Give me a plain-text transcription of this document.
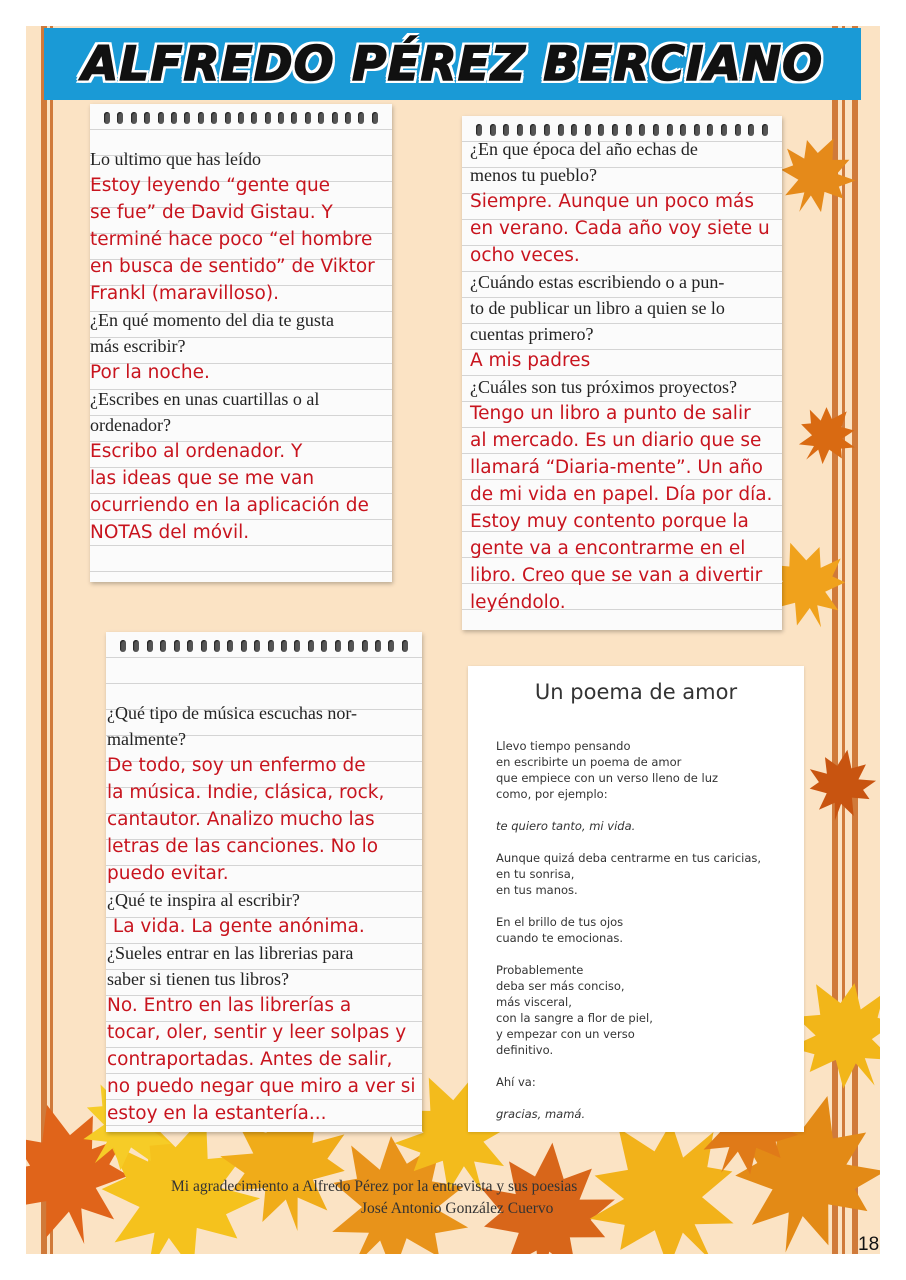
ALFREDO PÉREZ BERCIANO

Lo ultimo que has leído

Estoy leyendo “gente que
se fue” de David Gistau. Y
terminé hace poco “el hombre
en busca de sentido” de Viktor
Frankl (maravilloso).

¿En qué momento del dia te gusta
más escribir?

Por la noche.

¿Escribes en unas cuartillas o al
ordenador?

Escribo al ordenador. Y
las ideas que se me van
ocurriendo en la aplicación de
NOTAS del móvil.

¿En que época del año echas de
menos tu pueblo?

Siempre. Aunque un poco más
en verano. Cada año voy siete u
ocho veces.

¿Cuándo estas escribiendo o a pun-
to de publicar un libro a quien se lo
cuentas primero?

A mis padres

¿Cuáles son tus próximos proyectos?

Tengo un libro a punto de salir
al mercado. Es un diario que se
llamará “Diaria-mente”. Un año
de mi vida en papel. Día por día.
Estoy muy contento porque la
gente va a encontrarme en el
libro. Creo que se van a divertir
leyéndolo.

¿Qué tipo de música escuchas nor-
malmente?

De todo, soy un enfermo de
la música. Indie, clásica, rock,
cantautor. Analizo mucho las
letras de las canciones. No lo
puedo evitar.

¿Qué te inspira al escribir?

La vida. La gente anónima.

¿Sueles entrar en las librerias para
saber si tienen tus libros?

No. Entro en las librerías a
tocar, oler, sentir y leer solpas y
contraportadas. Antes de salir,
no puedo negar que miro a ver si
estoy en la estantería...

Un poema de amor

Llevo tiempo pensando
en escribirte un poema de amor
que empiece con un verso lleno de luz
como, por ejemplo:
te quiero tanto, mi vida.
Aunque quizá deba centrarme en tus caricias,
en tu sonrisa,
en tus manos.
En el brillo de tus ojos
cuando te emocionas.
Probablemente
deba ser más conciso,
más visceral,
con la sangre a flor de piel,
y empezar con un verso
definitivo.
Ahí va:
gracias, mamá.
Mi agradecimiento a Alfredo Pérez por la entrevista y sus poesias
José Antonio González Cuervo
18
